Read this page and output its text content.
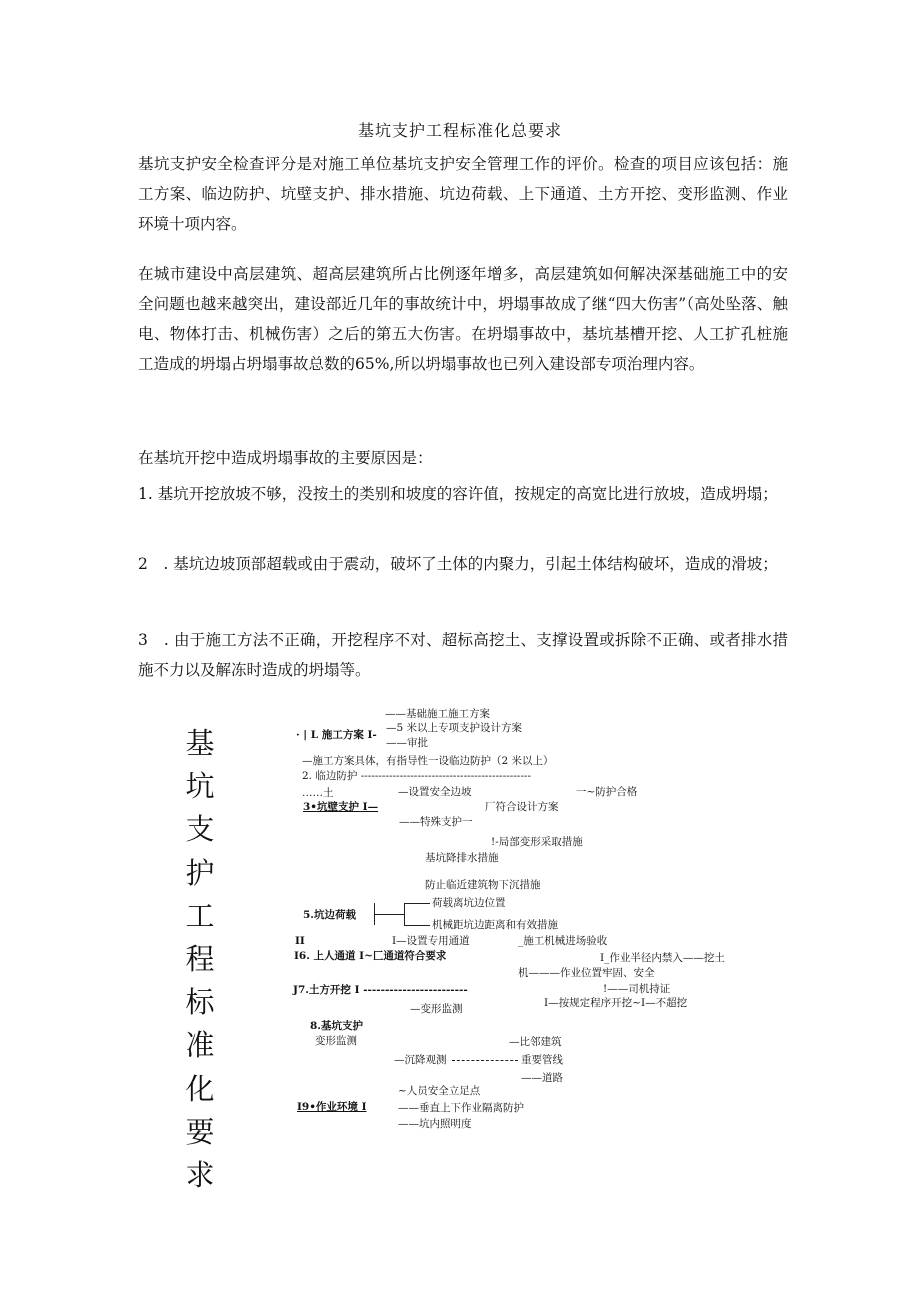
基坑支护工程标准化总要求

基坑支护安全检查评分是对施工单位基坑支护安全管理工作的评价。检查的项目应该包括：施工方案、临边防护、坑壁支护、排水措施、坑边荷载、上下通道、土方开挖、变形监测、作业环境十项内容。

在城市建设中高层建筑、超高层建筑所占比例逐年增多，高层建筑如何解决深基础施工中的安全问题也越来越突出，建设部近几年的事故统计中，坍塌事故成了继“四大伤害”（高处坠落、触电、物体打击、机械伤害）之后的第五大伤害。在坍塌事故中，基坑基槽开挖、人工扩孔桩施工造成的坍塌占坍塌事故总数的65%,所以坍塌事故也已列入建设部专项治理内容。

在基坑开挖中造成坍塌事故的主要原因是：

1. 基坑开挖放坡不够，没按土的类别和坡度的容许值，按规定的高宽比进行放坡，造成坍塌；

2　. 基坑边坡顶部超载或由于震动，破坏了土体的内聚力，引起土体结构破坏，造成的滑坡；

3　. 由于施工方法不正确，开挖程序不对、超标高挖土、支撑设置或拆除不正确、或者排水措施不力以及解冻时造成的坍塌等。

基
坑
支
护
工
程
标
准
化
要
求
——基础施工施工方案
—5 米以上专项支护设计方案
· | L 施工方案 I-
——审批
—施工方案具体，有指导性一设临边防护（2 米以上）
2. 临边防护 ------------------------------------------------
……土	—设置安全边坡	一~防护合格
3•坑壁支护 I—	厂符合设计方案
——特殊支护一
!-局部变形采取措施
基坑降排水措施
防止临近建筑物下沉措施
荷载离坑边位置
5.坑边荷载
机械距坑边距离和有效措施
II	I—设置专用通道	_施工机械进场验收
I6. 上人通道 I~匚通道符合要求	I_作业半径内禁入——挖土
机———作业位置牢固、安全
J7.土方开挖 I ------------------------	!——司机持证
—变形监测	I—按规定程序开挖~I—不超挖
8.基坑支护
变形监测	—比邻建筑
—沉降观测	重要管线
——道路
~人员安全立足点
I9•作业环境 I	——垂直上下作业隔离防护
——坑内照明度
